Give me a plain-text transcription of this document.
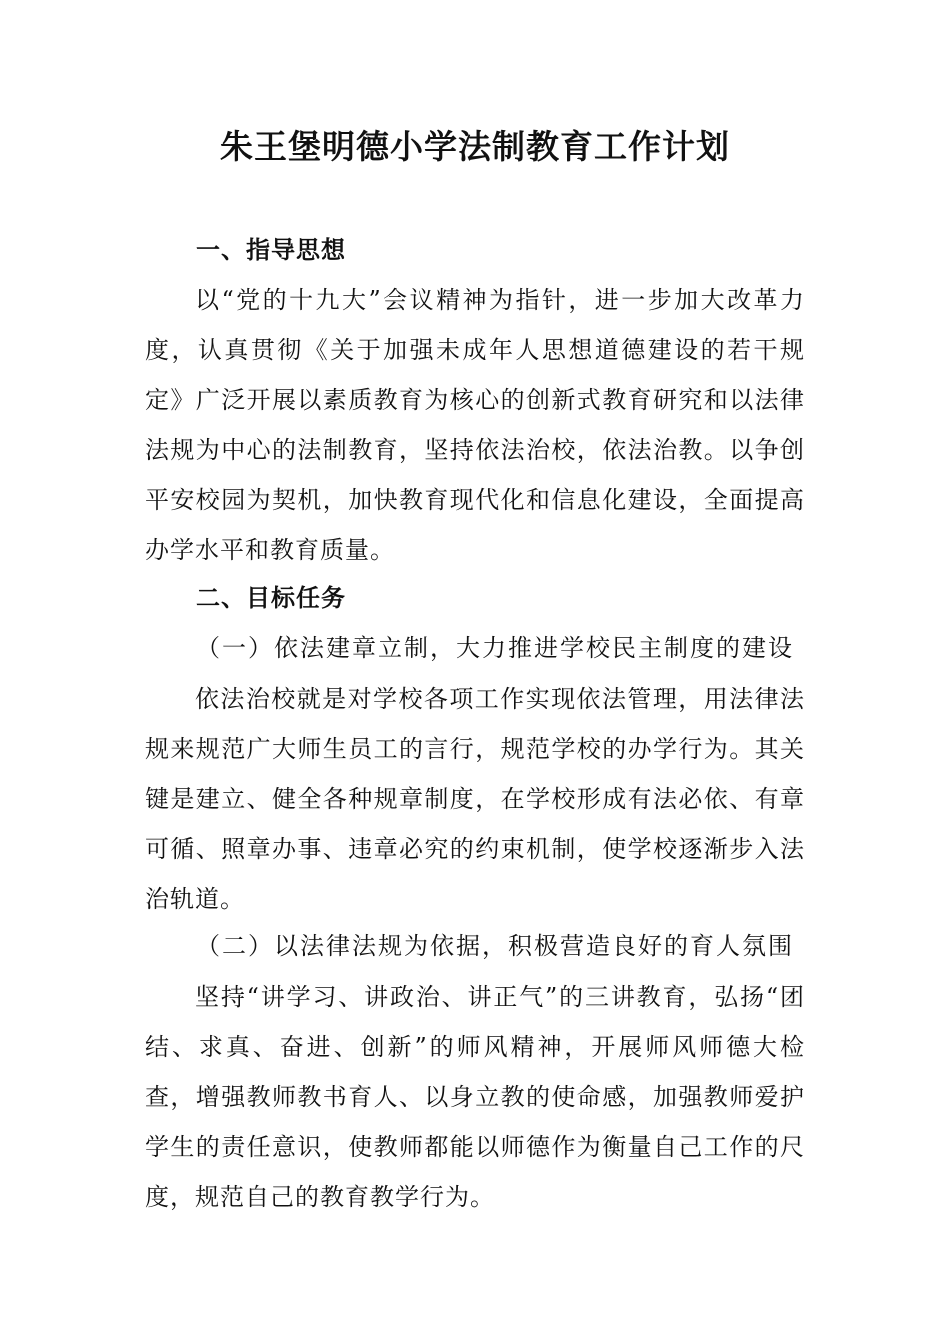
朱王堡明德小学法制教育工作计划
一、指导思想

以“党的十九大”会议精神为指针，进一步加大改革力度，认真贯彻《关于加强未成年人思想道德建设的若干规定》广泛开展以素质教育为核心的创新式教育研究和以法律法规为中心的法制教育，坚持依法治校，依法治教。以争创平安校园为契机，加快教育现代化和信息化建设，全面提高办学水平和教育质量。

二、目标任务
（一）依法建章立制，大力推进学校民主制度的建设

依法治校就是对学校各项工作实现依法管理，用法律法规来规范广大师生员工的言行，规范学校的办学行为。其关键是建立、健全各种规章制度，在学校形成有法必依、有章可循、照章办事、违章必究的约束机制，使学校逐渐步入法治轨道。

（二）以法律法规为依据，积极营造良好的育人氛围

坚持“讲学习、讲政治、讲正气”的三讲教育，弘扬“团结、求真、奋进、创新”的师风精神，开展师风师德大检查，增强教师教书育人、以身立教的使命感，加强教师爱护学生的责任意识，使教师都能以师德作为衡量自己工作的尺度，规范自己的教育教学行为。
